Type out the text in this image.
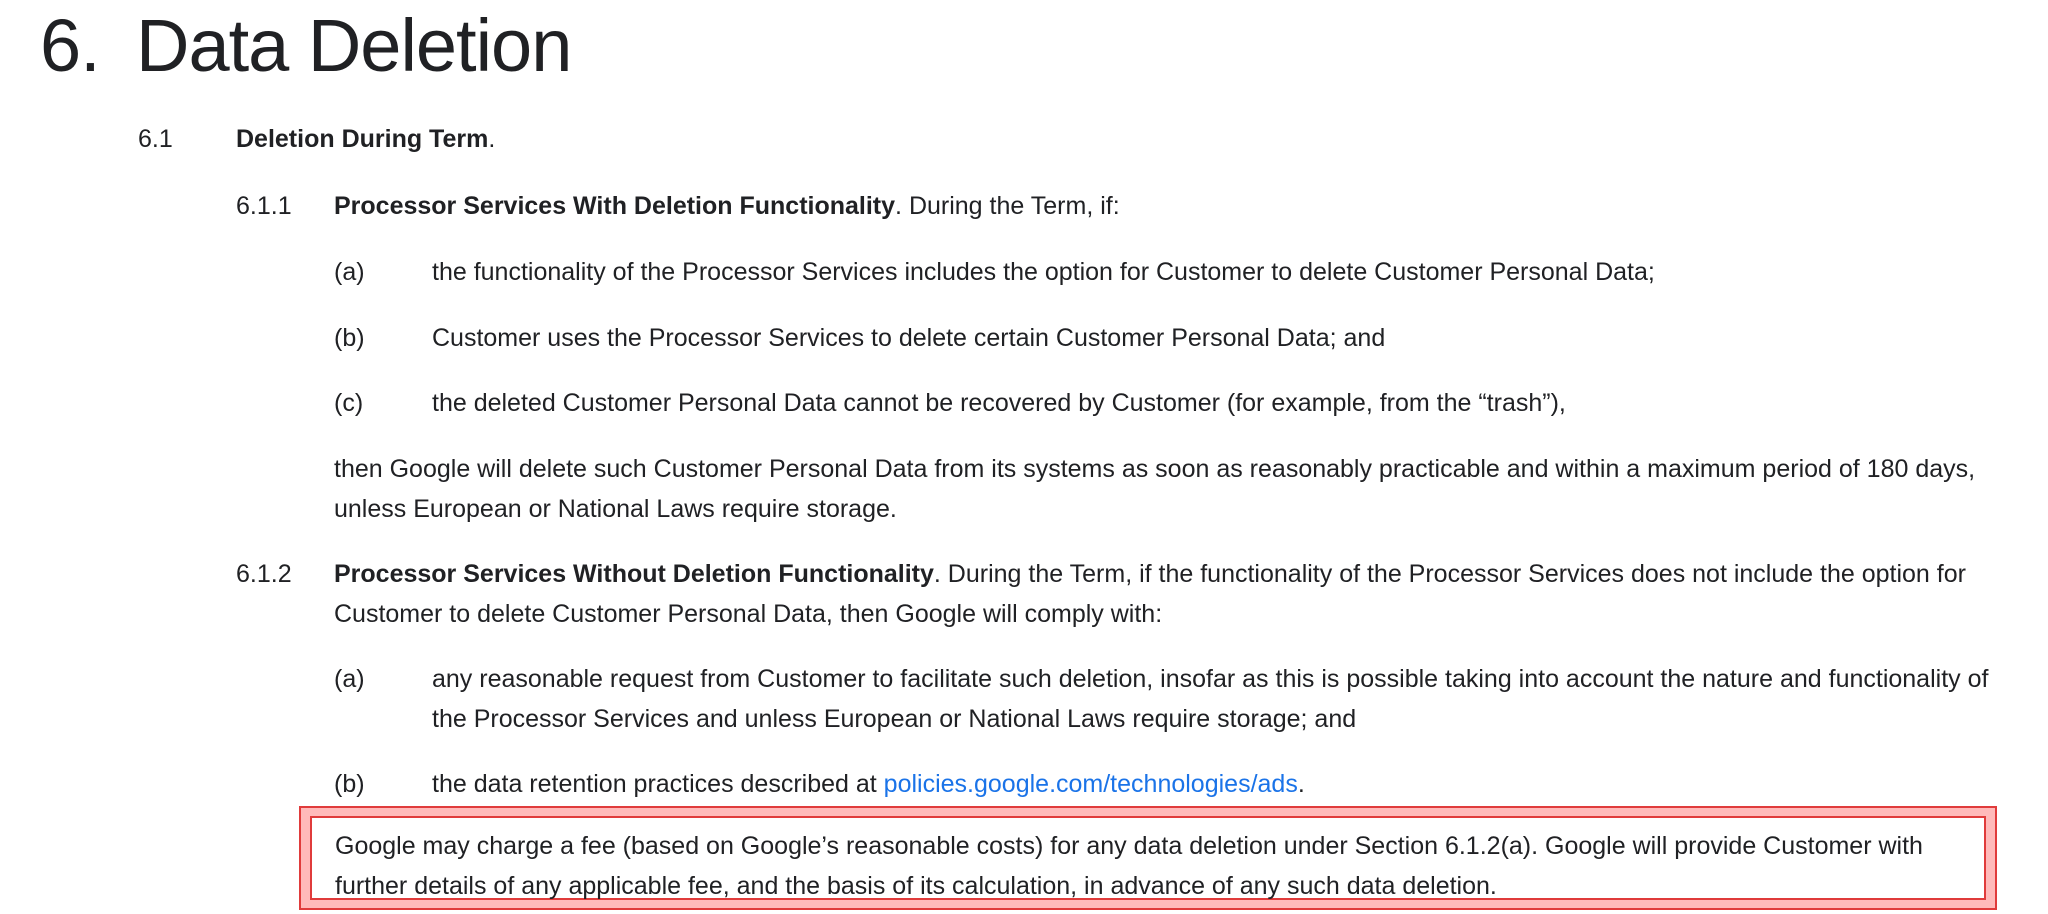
6. Data Deletion
6.1	Deletion During Term.
6.1.1 Processor Services With Deletion Functionality. During the Term, if:
(a)	the functionality of the Processor Services includes the option for Customer to delete Customer Personal Data;
(b)	Customer uses the Processor Services to delete certain Customer Personal Data; and
(c)	the deleted Customer Personal Data cannot be recovered by Customer (for example, from the “trash”),
then Google will delete such Customer Personal Data from its systems as soon as reasonably practicable and within a maximum period of 180 days, unless European or National Laws require storage.
6.1.2 Processor Services Without Deletion Functionality. During the Term, if the functionality of the Processor Services does not include the option for Customer to delete Customer Personal Data, then Google will comply with:
(a)	any reasonable request from Customer to facilitate such deletion, insofar as this is possible taking into account the nature and functionality of the Processor Services and unless European or National Laws require storage; and
(b)	the data retention practices described at policies.google.com/technologies/ads.
Google may charge a fee (based on Google’s reasonable costs) for any data deletion under Section 6.1.2(a). Google will provide Customer with further details of any applicable fee, and the basis of its calculation, in advance of any such data deletion.
